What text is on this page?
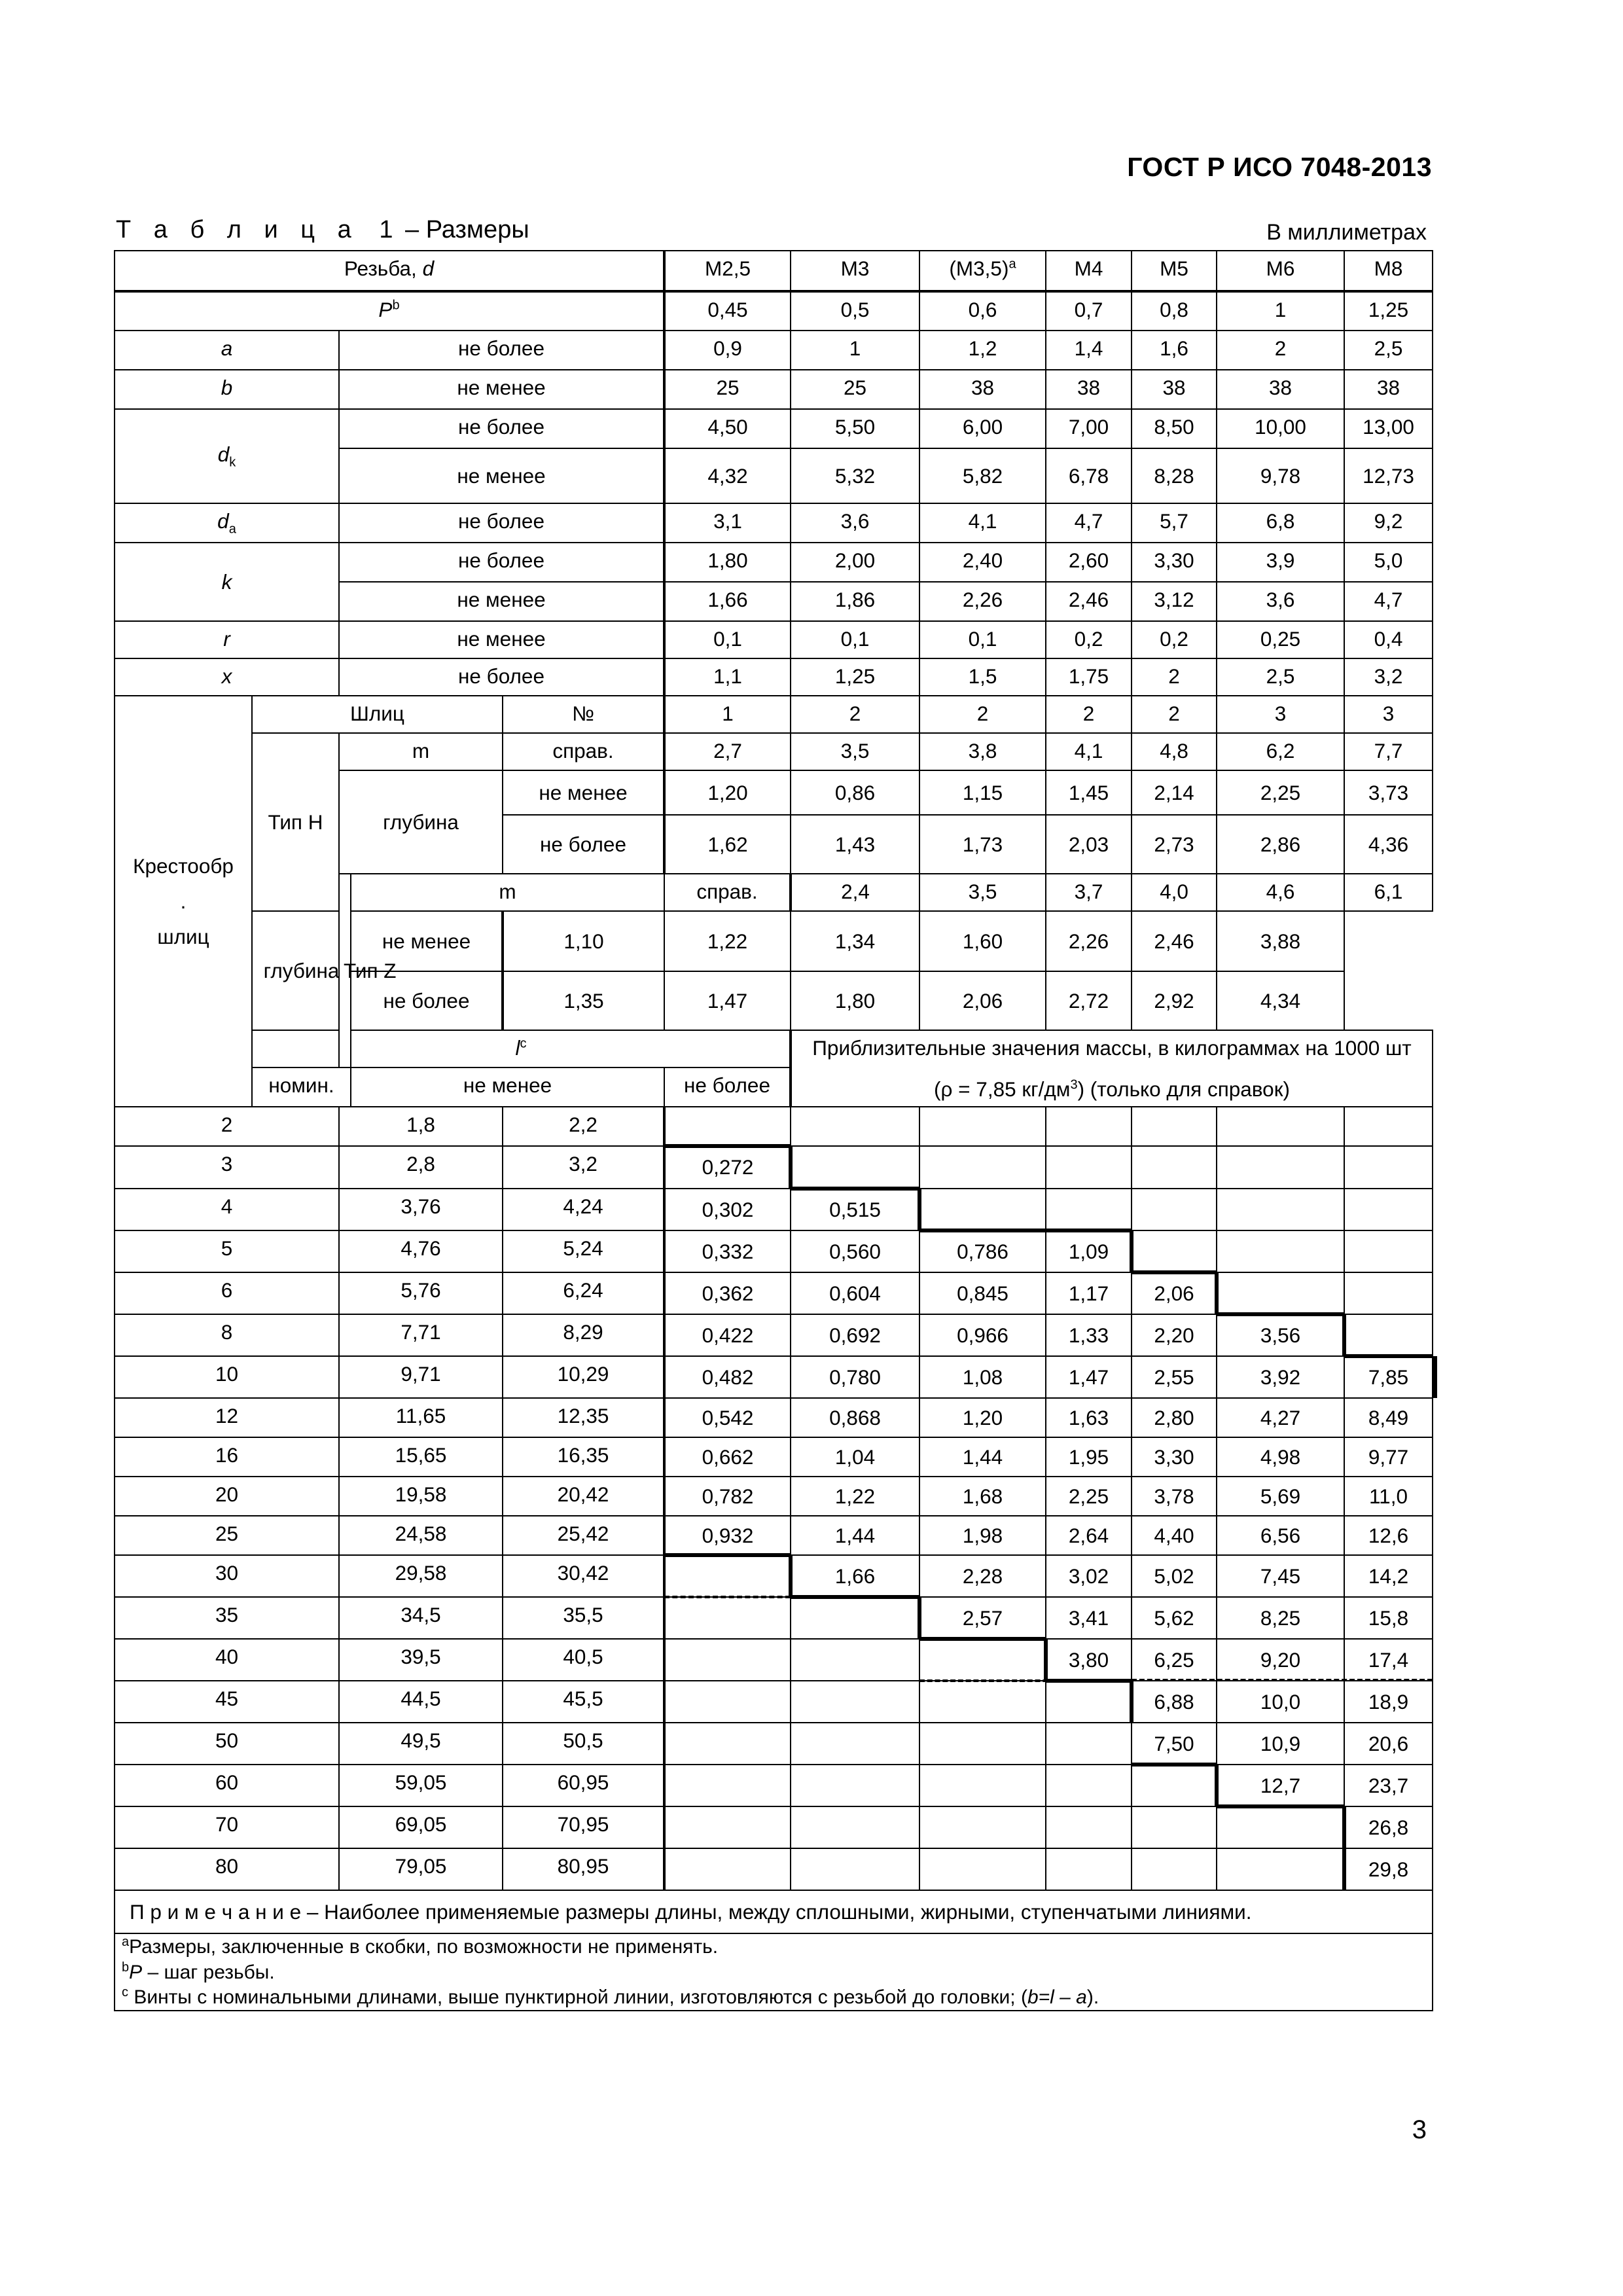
ГОСТ Р ИСО 7048-2013
Т а б л и ц а 1 – Размеры	В миллиметрах
Резьба, d					M2,5	M3	$(M3,5)^a$	M4	M5	M6	M8	
$P^b$					0,45	0,5	0,6	0,7	0,8	1	1,25	
a		не более			0,9	1	1,2	1,4	1,6	2	2,5	
b		не менее			25	25	38	38	38	38	38	
$d_k$		не более			4,50	5,50	6,00	7,00	8,50	10,00	13,00	
		не менее			4,32	5,32	5,82	6,78	8,28	9,78	12,73	
$d_a$		не более			3,1	3,6	4,1	4,7	5,7	6,8	9,2	
k		не более			1,80	2,00	2,40	2,60	3,30	3,9	5,0	
		не менее			1,66	1,86	2,26	2,46	3,12	3,6	4,7	
r		не менее			0,1	0,1	0,1	0,2	0,2	0,25	0,4	
x		не более			1,1	1,25	1,5	1,75	2	2,5	3,2	

Крестообр
.
шлиц	Шлиц			№	1	2	2	2	2	3	3	
	Тип H	m		справ.	2,7	3,5	3,8	4,1	4,8	6,2	7,7	
		глубина		не менее	1,20	0,86	1,15	1,45	2,14	2,25	3,73	
				не более	1,62	1,43	1,73	2,03	2,73	2,86	4,36	
		Тип Z	m		справ.	2,4	3,5	3,7	4,0	4,6	6,1	
	глубина		не менее	1,10	1,22	1,34	1,60	2,26	2,46	3,88		
			не более	1,35	1,47	1,80	2,06	2,72	2,92	4,34		
	$l^c$					Приблизительные значения массы, в килограммах на 1000 шт
(ρ = 7,85 $кг/дм^3$) (только для справок)						

	номин.		не менее		не более							
2		1,8		2,2								
3		2,8		3,2	0,272							
4		3,76		4,24	0,302	0,515						
5		4,76		5,24	0,332	0,560	0,786	1,09				
6		5,76		6,24	0,362	0,604	0,845	1,17	2,06			
8		7,71		8,29	0,422	0,692	0,966	1,33	2,20	3,56		
10		9,71		10,29	0,482	0,780	1,08	1,47	2,55	3,92	7,85	
12		11,65		12,35	0,542	0,868	1,20	1,63	2,80	4,27	8,49	
16		15,65		16,35	0,662	1,04	1,44	1,95	3,30	4,98	9,77	
20		19,58		20,42	0,782	1,22	1,68	2,25	3,78	5,69	11,0	
25		24,58		25,42	0,932	1,44	1,98	2,64	4,40	6,56	12,6	
30		29,58		30,42		1,66	2,28	3,02	5,02	7,45	14,2	
35		34,5		35,5			2,57	3,41	5,62	8,25	15,8	
40		39,5		40,5				3,80	6,25	9,20	17,4	
45		44,5		45,5					6,88	10,0	18,9	
50		49,5		50,5					7,50	10,9	20,6	
60		59,05		60,95						12,7	23,7	
70		69,05		70,95							26,8	
80		79,05		80,95							29,8	
П р и м е ч а н и е – Наиболее применяемые размеры длины, между сплошными, жирными, ступенчатыми линиями.												

$^a$Размеры, заключенные в скобки, по возможности не применять.
$^b$P – шаг резьбы.
$^c$ Винты с номинальными длинами, выше пунктирной линии, изготовляются с резьбой до головки; (b=l – a).												
3
